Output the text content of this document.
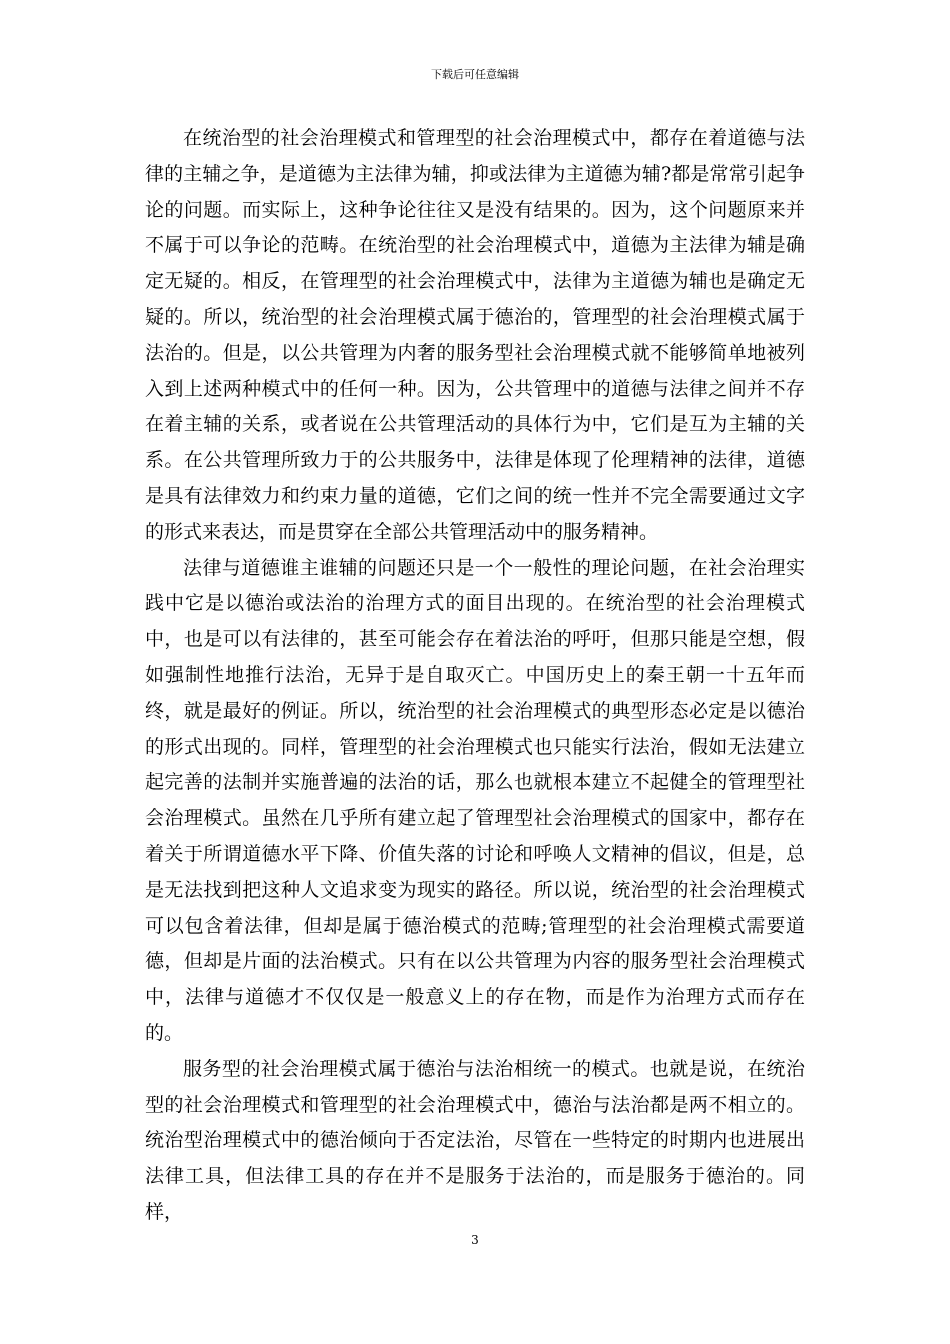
下载后可任意编辑

在统治型的社会治理模式和管理型的社会治理模式中，都存在着道德与法律的主辅之争，是道德为主法律为辅，抑或法律为主道德为辅?都是常常引起争论的问题。而实际上，这种争论往往又是没有结果的。因为，这个问题原来并不属于可以争论的范畴。在统治型的社会治理模式中，道德为主法律为辅是确定无疑的。相反，在管理型的社会治理模式中，法律为主道德为辅也是确定无疑的。所以，统治型的社会治理模式属于德治的，管理型的社会治理模式属于法治的。但是，以公共管理为内奢的服务型社会治理模式就不能够简单地被列入到上述两种模式中的任何一种。因为，公共管理中的道德与法律之间并不存在着主辅的关系，或者说在公共管理活动的具体行为中，它们是互为主辅的关系。在公共管理所致力于的公共服务中，法律是体现了伦理精神的法律，道德是具有法律效力和约束力量的道德，它们之间的统一性并不完全需要通过文字的形式来表达，而是贯穿在全部公共管理活动中的服务精神。

法律与道德谁主谁辅的问题还只是一个一般性的理论问题，在社会治理实践中它是以德治或法治的治理方式的面目出现的。在统治型的社会治理模式中，也是可以有法律的，甚至可能会存在着法治的呼吁，但那只能是空想，假如强制性地推行法治，无异于是自取灭亡。中国历史上的秦王朝一十五年而终，就是最好的例证。所以，统治型的社会治理模式的典型形态必定是以德治的形式出现的。同样，管理型的社会治理模式也只能实行法治，假如无法建立起完善的法制并实施普遍的法治的话，那么也就根本建立不起健全的管理型社会治理模式。虽然在几乎所有建立起了管理型社会治理模式的国家中，都存在着关于所谓道德水平下降、价值失落的讨论和呼唤人文精神的倡议，但是，总是无法找到把这种人文追求变为现实的路径。所以说，统治型的社会治理模式可以包含着法律，但却是属于德治模式的范畴;管理型的社会治理模式需要道德，但却是片面的法治模式。只有在以公共管理为内容的服务型社会治理模式中，法律与道德才不仅仅是一般意义上的存在物，而是作为治理方式而存在的。

服务型的社会治理模式属于德治与法治相统一的模式。也就是说，在统治型的社会治理模式和管理型的社会治理模式中，德治与法治都是两不相立的。统治型治理模式中的德治倾向于否定法治，尽管在一些特定的时期内也进展出法律工具，但法律工具的存在并不是服务于法治的，而是服务于德治的。同样，

3
